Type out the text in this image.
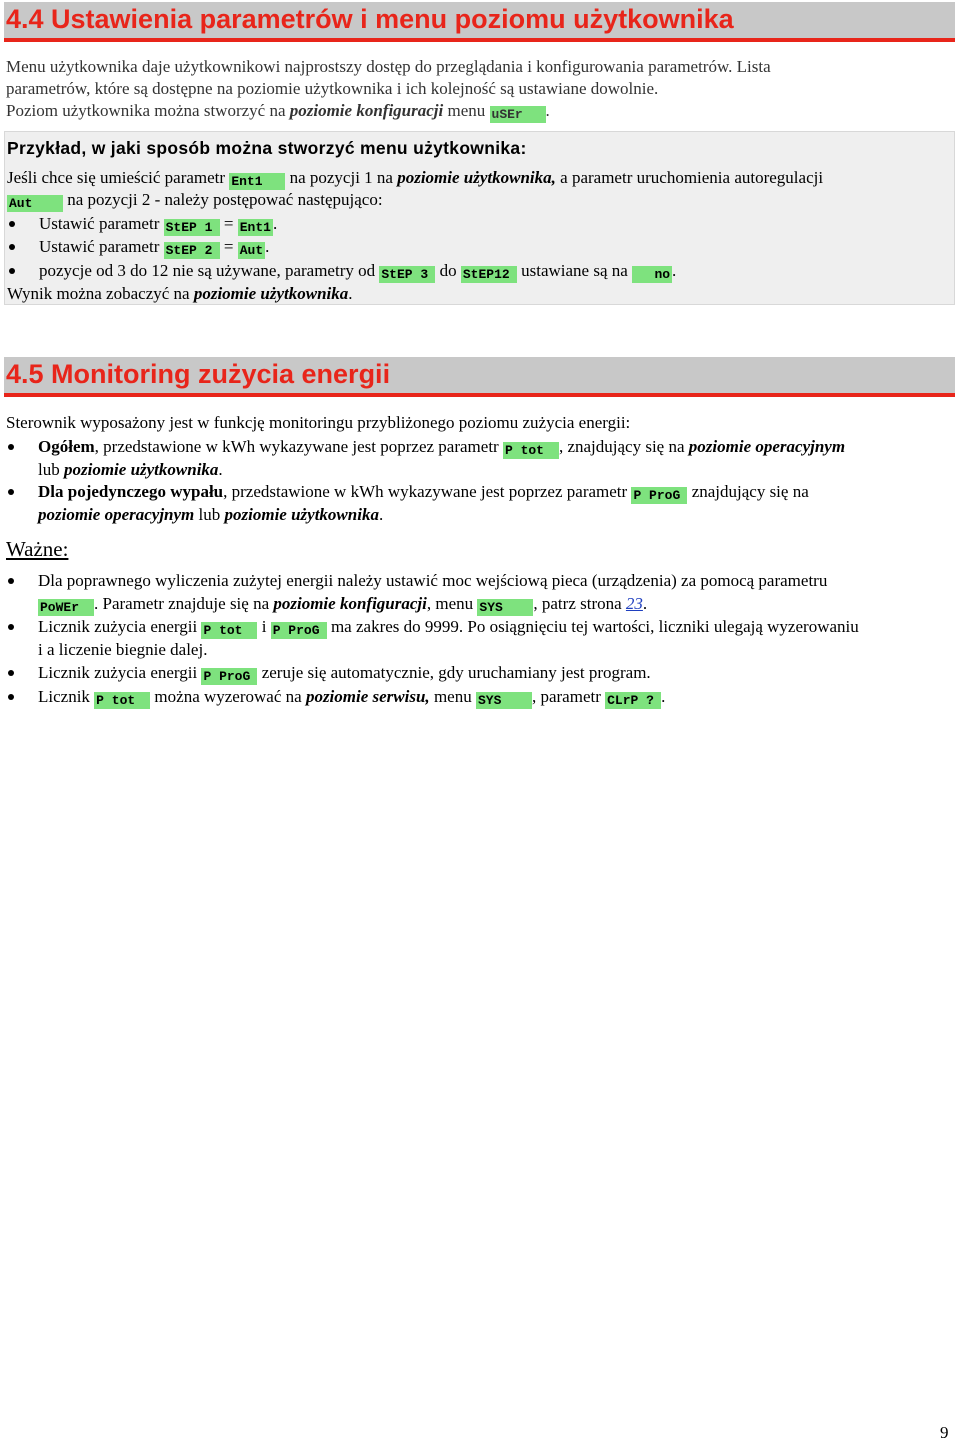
4.4 Ustawienia parametrów i menu poziomu użytkownika
Menu użytkownika daje użytkownikowi najprostszy dostęp do przeglądania i konfigurowania parametrów. Lista
parametrów, które są dostępne na poziomie użytkownika i ich kolejność są ustawiane dowolnie.
Poziom użytkownika można stworzyć na poziomie konfiguracji menu uSEr .
Przykład, w jaki sposób można stworzyć menu użytkownika:
Jeśli chce się umieścić parametr Ent1 na pozycji 1 na poziomie użytkownika, a parametr uruchomienia autoregulacji
Aut na pozycji 2 - należy postępować następująco:
Ustawić parametr StEP 1 = Ent1 .
Ustawić parametr StEP 2 = Aut .
pozycje od 3 do 12 nie są używane, parametry od StEP 3 do StEP12 ustawiane są na no .
Wynik można zobaczyć na poziomie użytkownika.
4.5 Monitoring zużycia energii
Sterownik wyposażony jest w funkcję monitoringu przybliżonego poziomu zużycia energii:
Ogółem, przedstawione w kWh wykazywane jest poprzez parametr P tot , znajdujący się na poziomie operacyjnym
lub poziomie użytkownika.
Dla pojedynczego wypału, przedstawione w kWh wykazywane jest poprzez parametr P ProG znajdujący się na
poziomie operacyjnym lub poziomie użytkownika.
Ważne:
Dla poprawnego wyliczenia zużytej energii należy ustawić moc wejściową pieca (urządzenia) za pomocą parametru
PoWEr . Parametr znajduje się na poziomie konfiguracji, menu SYS , patrz strona 23.
Licznik zużycia energii P tot i P ProG ma zakres do 9999. Po osiągnięciu tej wartości, liczniki ulegają wyzerowaniu
i a liczenie biegnie dalej.
Licznik zużycia energii P ProG zeruje się automatycznie, gdy uruchamiany jest program.
Licznik P tot można wyzerować na poziomie serwisu, menu SYS , parametr CLrP ? .
9
